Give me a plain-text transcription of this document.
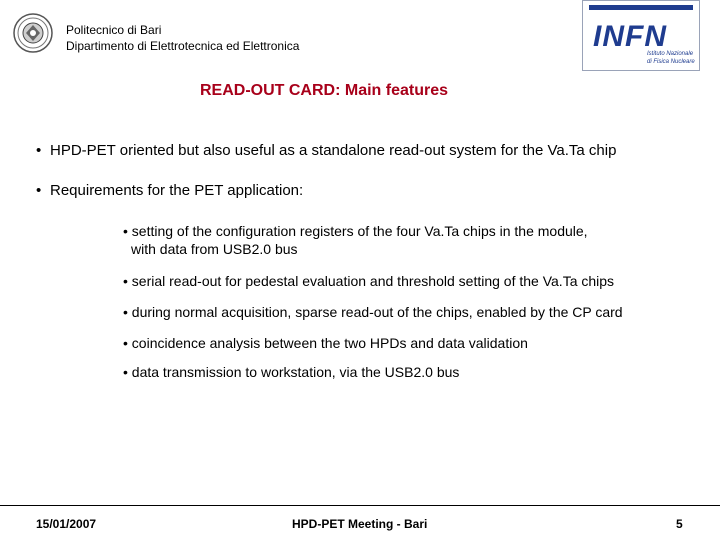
Politecnico di Bari
Dipartimento di Elettrotecnica ed Elettronica	INFN
Istituto Nazionale
di Fisica Nucleare
READ-OUT CARD: Main features
• HPD-PET oriented but also useful as a standalone read-out system for the Va.Ta chip
• Requirements for the PET application:
• setting of the configuration registers of the four Va.Ta chips in the module,
with data from USB2.0 bus
• serial read-out for pedestal evaluation and threshold setting of the Va.Ta chips
• during normal acquisition, sparse read-out of the chips, enabled by the CP card
• coincidence analysis between the two HPDs and data validation
• data transmission to workstation, via the USB2.0 bus
15/01/2007	HPD-PET Meeting - Bari	5
